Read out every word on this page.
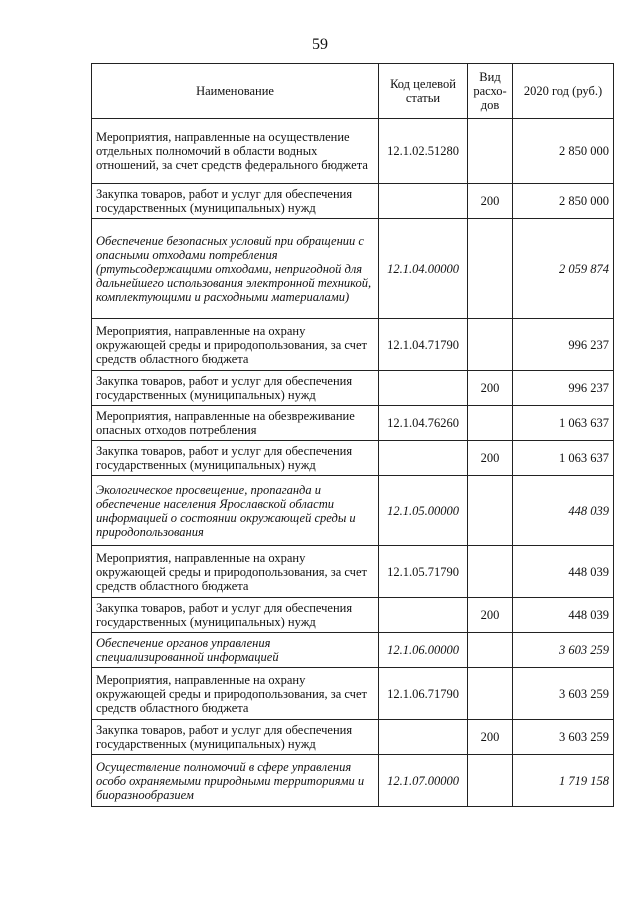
59
Наименование	Код целевой статьи	Вид расхо-дов	2020 год (руб.)
Мероприятия, направленные на осуществление отдельных полномочий в области водных отношений, за счет средств федерального бюджета	12.1.02.51280		2 850 000
Закупка товаров, работ и услуг для обеспечения государственных (муниципальных) нужд		200	2 850 000
Обеспечение безопасных условий при обращении с опасными отходами потребления (ртутьсодержащими отходами, непригодной для дальнейшего использования электронной техникой, комплектующими и расходными материалами)	12.1.04.00000		2 059 874
Мероприятия, направленные на охрану окружающей среды и природопользования, за счет средств областного бюджета	12.1.04.71790		996 237
Закупка товаров, работ и услуг для обеспечения государственных (муниципальных) нужд		200	996 237
Мероприятия, направленные на обезвреживание опасных отходов потребления	12.1.04.76260		1 063 637
Закупка товаров, работ и услуг для обеспечения государственных (муниципальных) нужд		200	1 063 637
Экологическое просвещение, пропаганда и обеспечение населения Ярославской области информацией о состоянии окружающей среды и природопользования	12.1.05.00000		448 039
Мероприятия, направленные на охрану окружающей среды и природопользования, за счет средств областного бюджета	12.1.05.71790		448 039
Закупка товаров, работ и услуг для обеспечения государственных (муниципальных) нужд		200	448 039
Обеспечение органов управления специализированной информацией	12.1.06.00000		3 603 259
Мероприятия, направленные на охрану окружающей среды и природопользования, за счет средств областного бюджета	12.1.06.71790		3 603 259
Закупка товаров, работ и услуг для обеспечения государственных (муниципальных) нужд		200	3 603 259
Осуществление полномочий в сфере управления особо охраняемыми природными территориями и биоразнообразием	12.1.07.00000		1 719 158
